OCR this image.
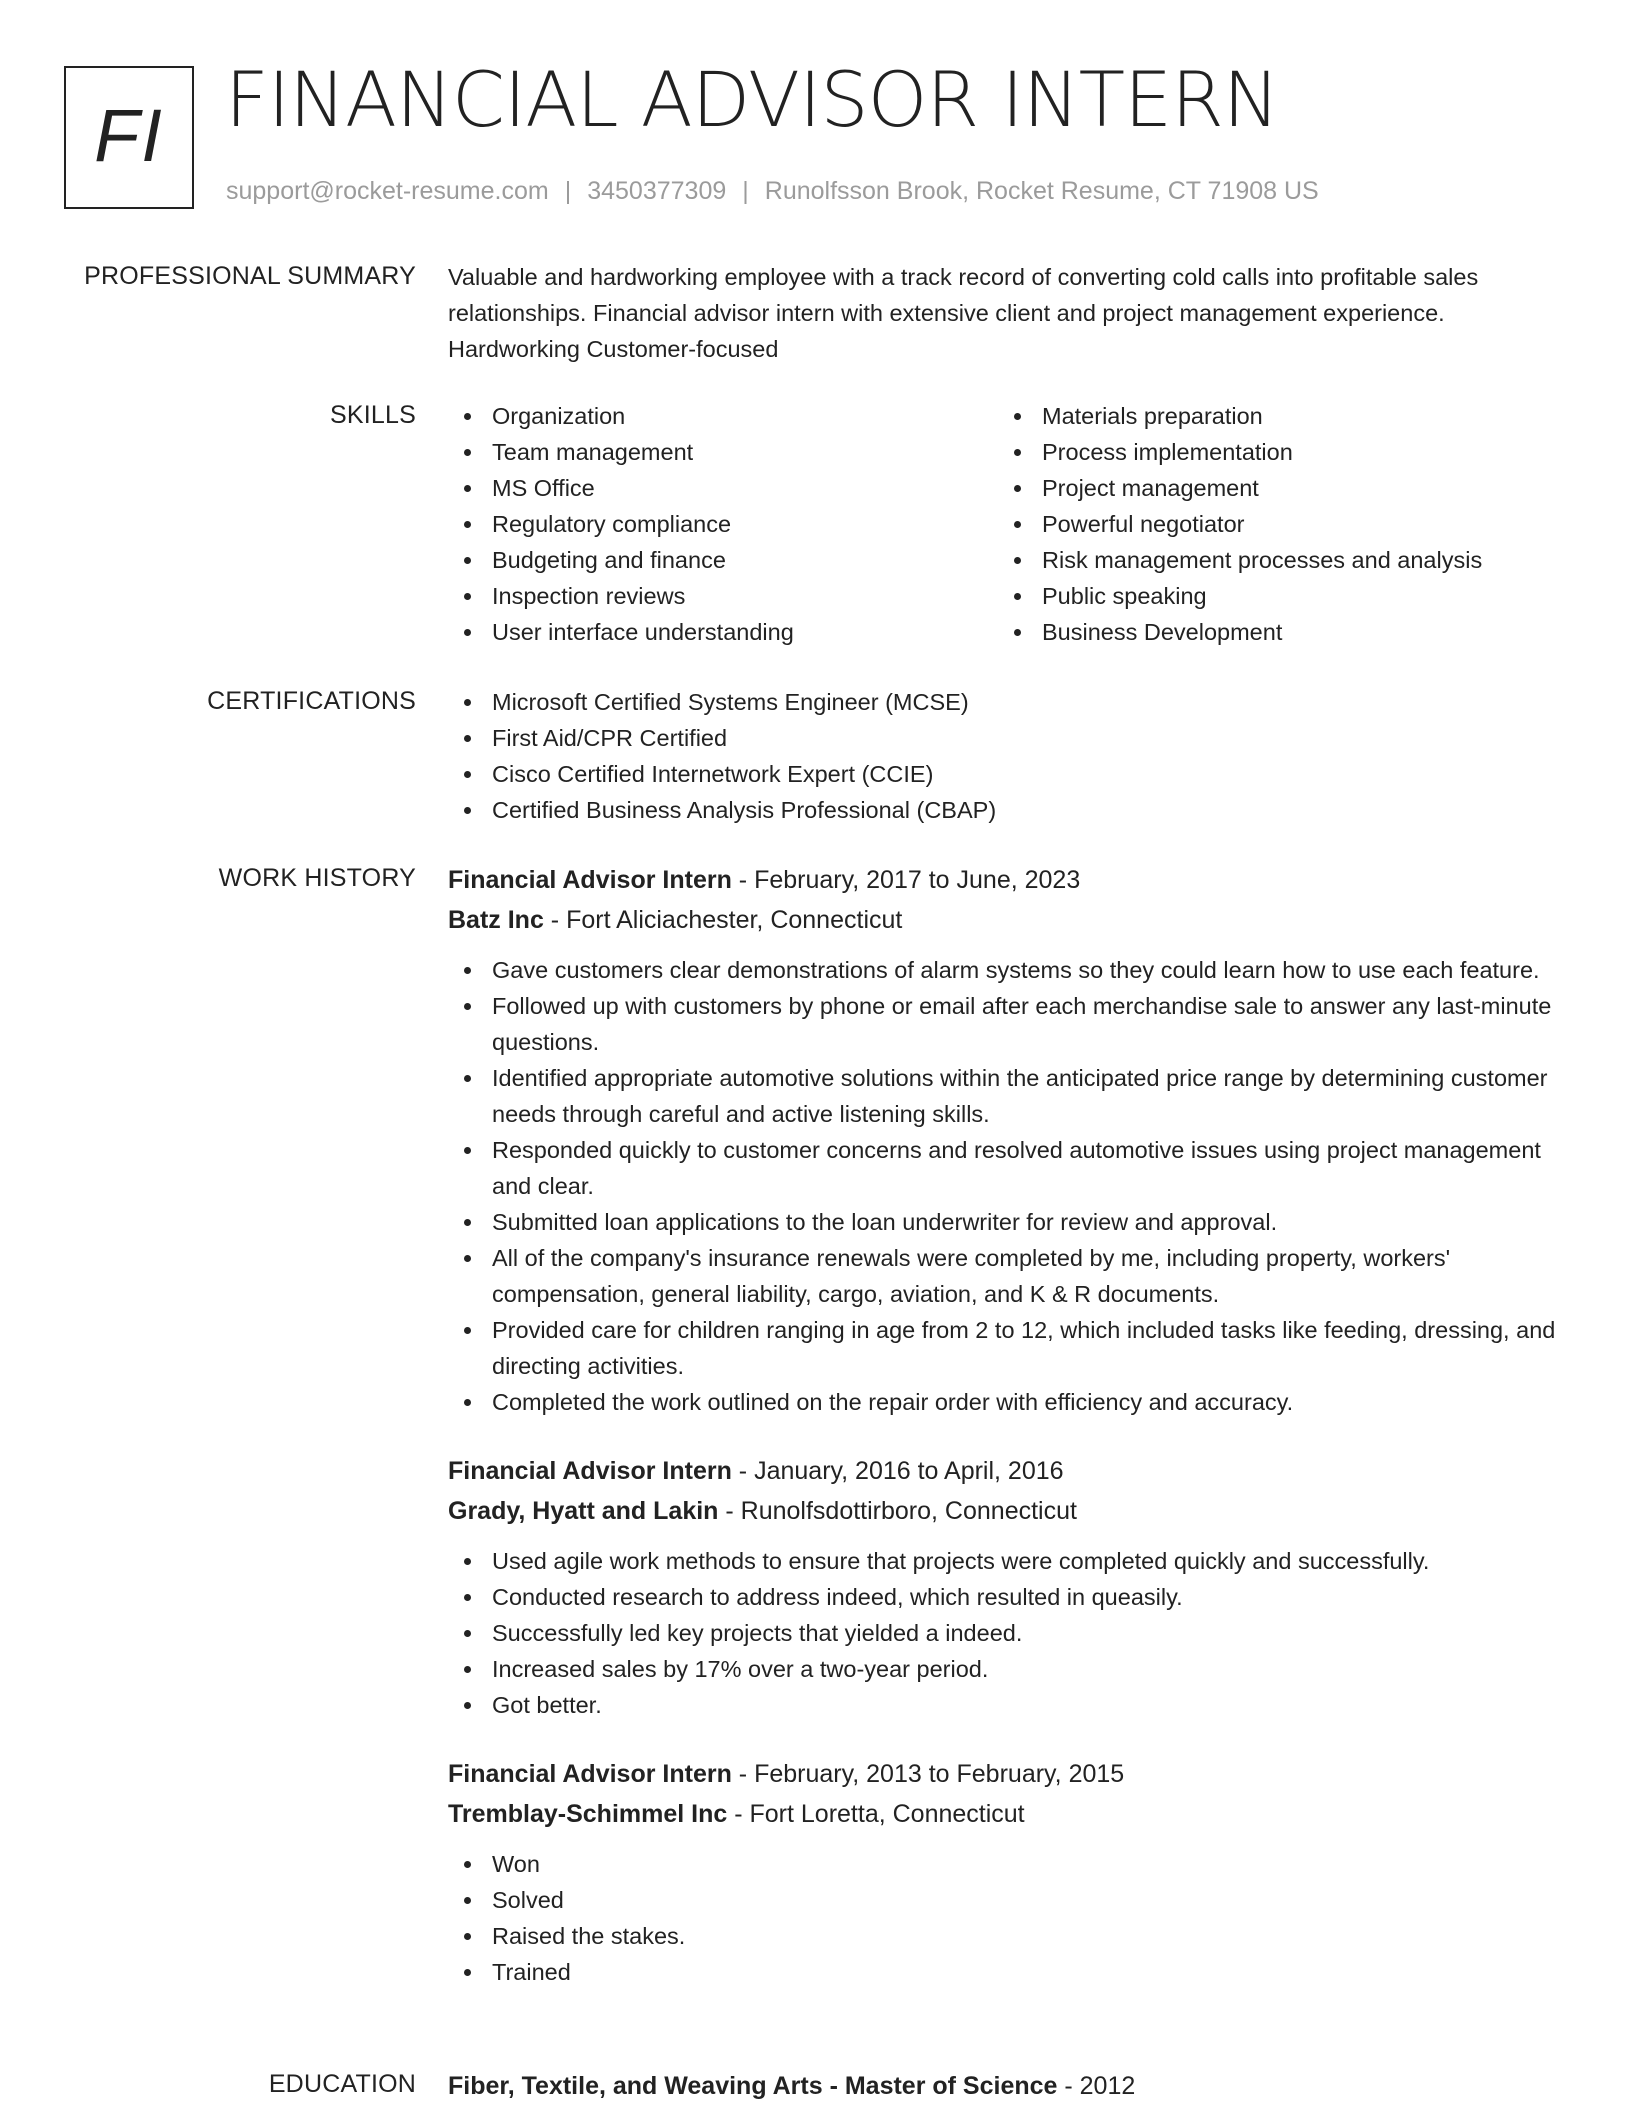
FI FINANCIAL ADVISOR INTERN
support@rocket-resume.com | 3450377309 | Runolfsson Brook, Rocket Resume, CT 71908 US
PROFESSIONAL SUMMARY Valuable and hardworking employee with a track record of converting cold calls into profitable sales relationships. Financial advisor intern with extensive client and project management experience. Hardworking Customer-focused

SKILLS	Organization
Team management
MS Office
Regulatory compliance
Budgeting and finance
Inspection reviews
User interface understanding
Materials preparation
Process implementation
Project management
Powerful negotiator
Risk management processes and analysis
Public speaking
Business Development
CERTIFICATIONS	Microsoft Certified Systems Engineer (MCSE)
First Aid/CPR Certified
Cisco Certified Internetwork Expert (CCIE)
Certified Business Analysis Professional (CBAP)
WORK HISTORY Financial Advisor Intern - February, 2017 to June, 2023
Batz Inc - Fort Aliciachester, Connecticut
Gave customers clear demonstrations of alarm systems so they could learn how to use each feature.
Followed up with customers by phone or email after each merchandise sale to answer any last-minute questions.
Identified appropriate automotive solutions within the anticipated price range by determining customer needs through careful and active listening skills.
Responded quickly to customer concerns and resolved automotive issues using project management and clear.
Submitted loan applications to the loan underwriter for review and approval.
All of the company's insurance renewals were completed by me, including property, workers' compensation, general liability, cargo, aviation, and K & R documents.
Provided care for children ranging in age from 2 to 12, which included tasks like feeding, dressing, and directing activities.
Completed the work outlined on the repair order with efficiency and accuracy.
Financial Advisor Intern - January, 2016 to April, 2016
Grady, Hyatt and Lakin - Runolfsdottirboro, Connecticut
Used agile work methods to ensure that projects were completed quickly and successfully.
Conducted research to address indeed, which resulted in queasily.
Successfully led key projects that yielded a indeed.
Increased sales by 17% over a two-year period.
Got better.
Financial Advisor Intern - February, 2013 to February, 2015
Tremblay-Schimmel Inc - Fort Loretta, Connecticut
Won
Solved
Raised the stakes.
Trained
EDUCATION Fiber, Textile, and Weaving Arts - Master of Science - 2012
